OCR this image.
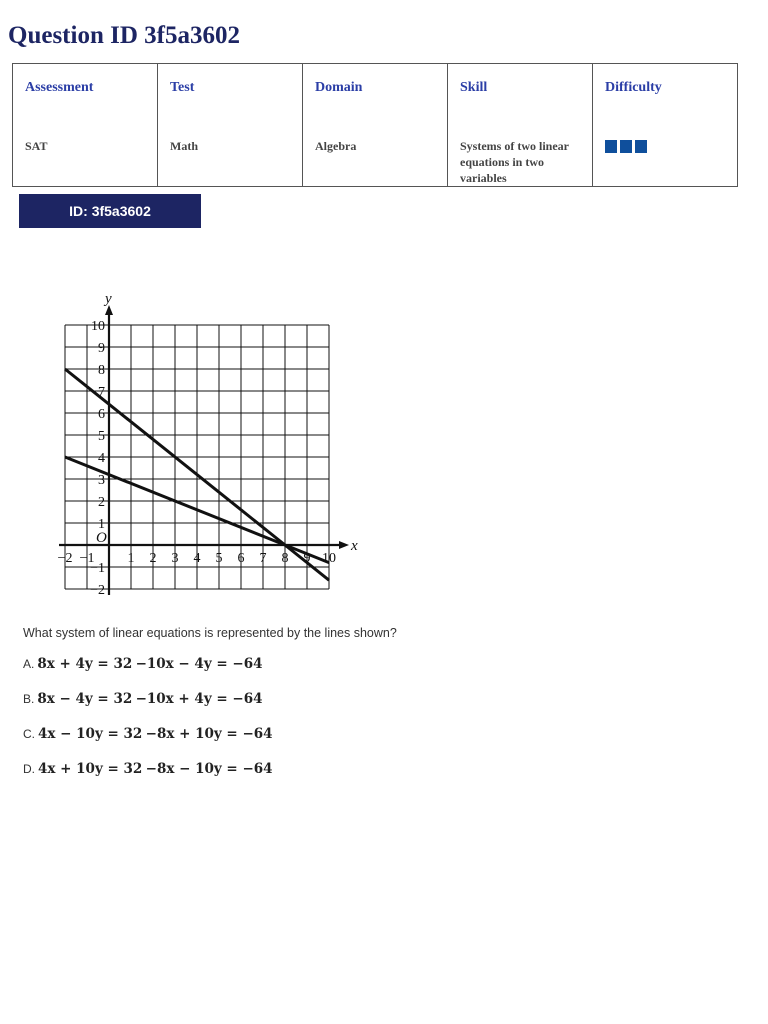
Question ID 3f5a3602
Assessment	Test	Domain	Skill	Difficulty
SAT	Math	Algebra	Systems of two linear equations in two variables	
ID: 3f5a3602
x
y
O
−2
−2
−1
−1
1
1
2
2
3
3
4
4
5
5
6
6
7
7
8
8
9
9
10
10

What system of linear equations is represented by the lines shown?

A. 8x + 4y = 32 −10x − 4y = −64
B. 8x − 4y = 32 −10x + 4y = −64
C. 4x − 10y = 32 −8x + 10y = −64
D. 4x + 10y = 32 −8x − 10y = −64
